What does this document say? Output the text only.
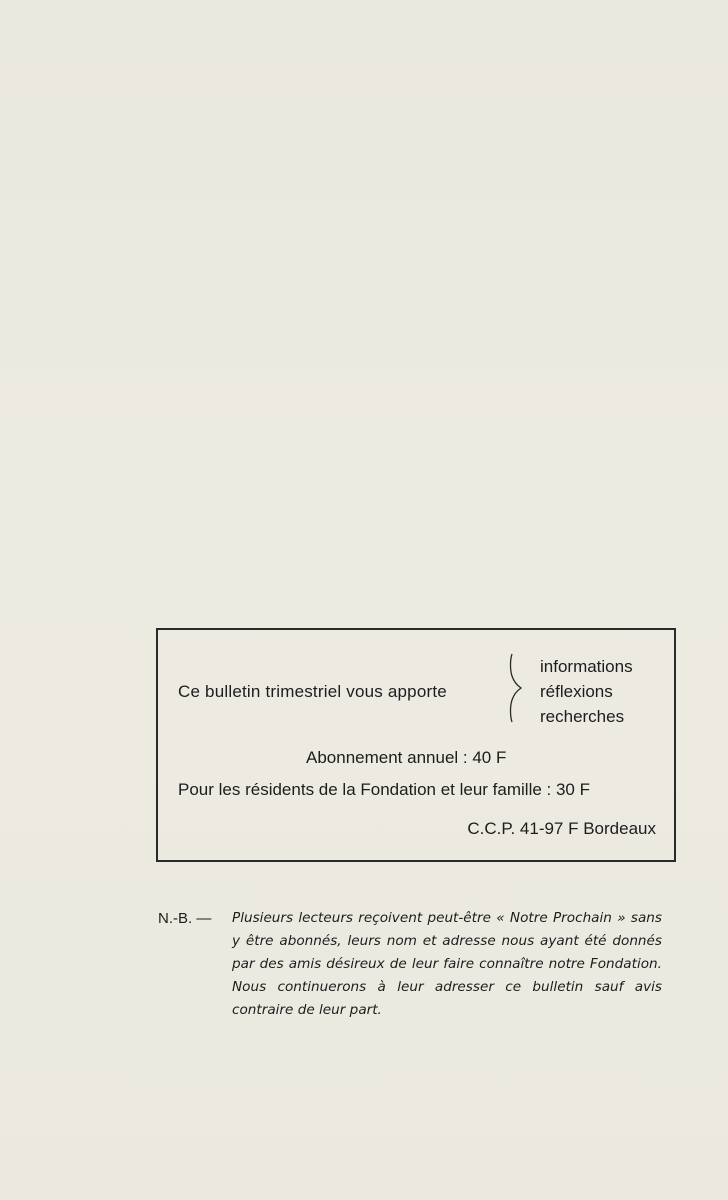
Ce bulletin trimestriel vous apporte
informations
réflexions
recherches
Abonnement annuel : 40 F
Pour les résidents de la Fondation et leur famille : 30 F
C.C.P. 41-97 F Bordeaux
N.-B. — Plusieurs lecteurs reçoivent peut-être « Notre Prochain » sans y être abonnés, leurs nom et adresse nous ayant été donnés par des amis désireux de leur faire connaître notre Fondation. Nous continuerons à leur adresser ce bulletin sauf avis contraire de leur part.
